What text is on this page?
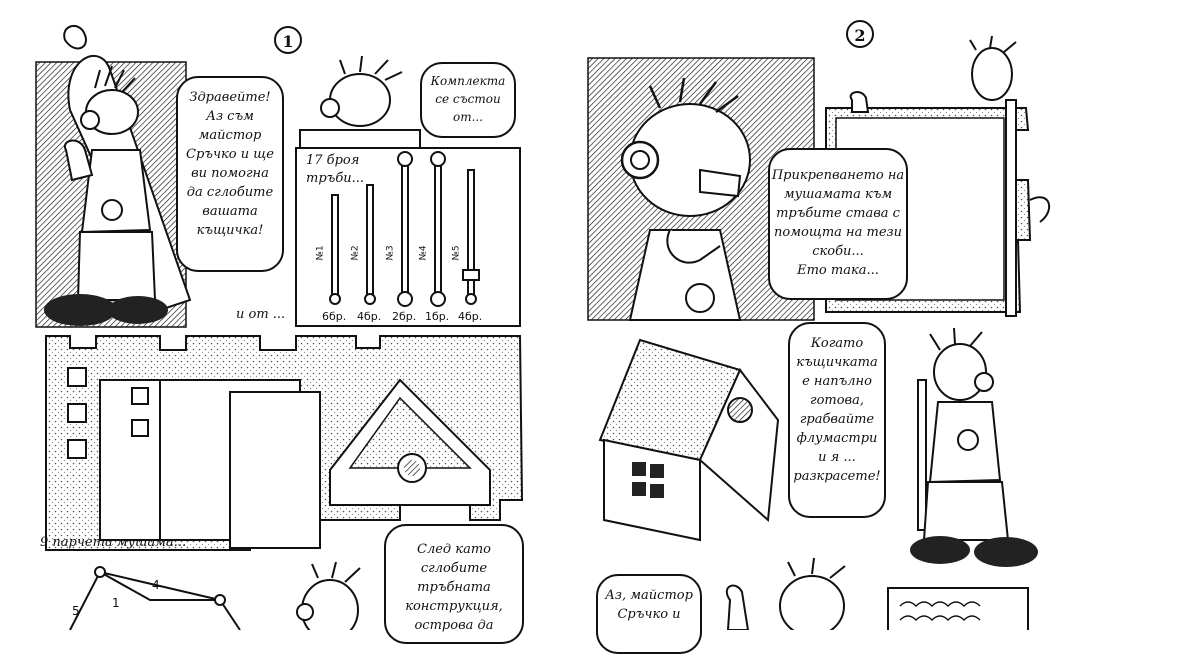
6бр.
№1
4бр.
№2
2бр.
№3
1бр.
№4
4бр.
№5
4
5
1
1	2
Здравейте!
Аз съм
майстор
Сръчко и ще
ви помогна
да сглобите
вашата
къщичка!
Комплекта
се състои
от...
17 броя
тръби...
и от ...
9 парчета мушама...	След като
сглобите
тръбната
конструкция,
острова да
Прикрепването на
мушамата към
тръбите става с
помощта на тези
скоби...
Ето така...
Когато
къщичката
е напълно
готова,
грабвайте
флумастри
и я ...
разкрасете!
Аз, майстор
Сръчко и
